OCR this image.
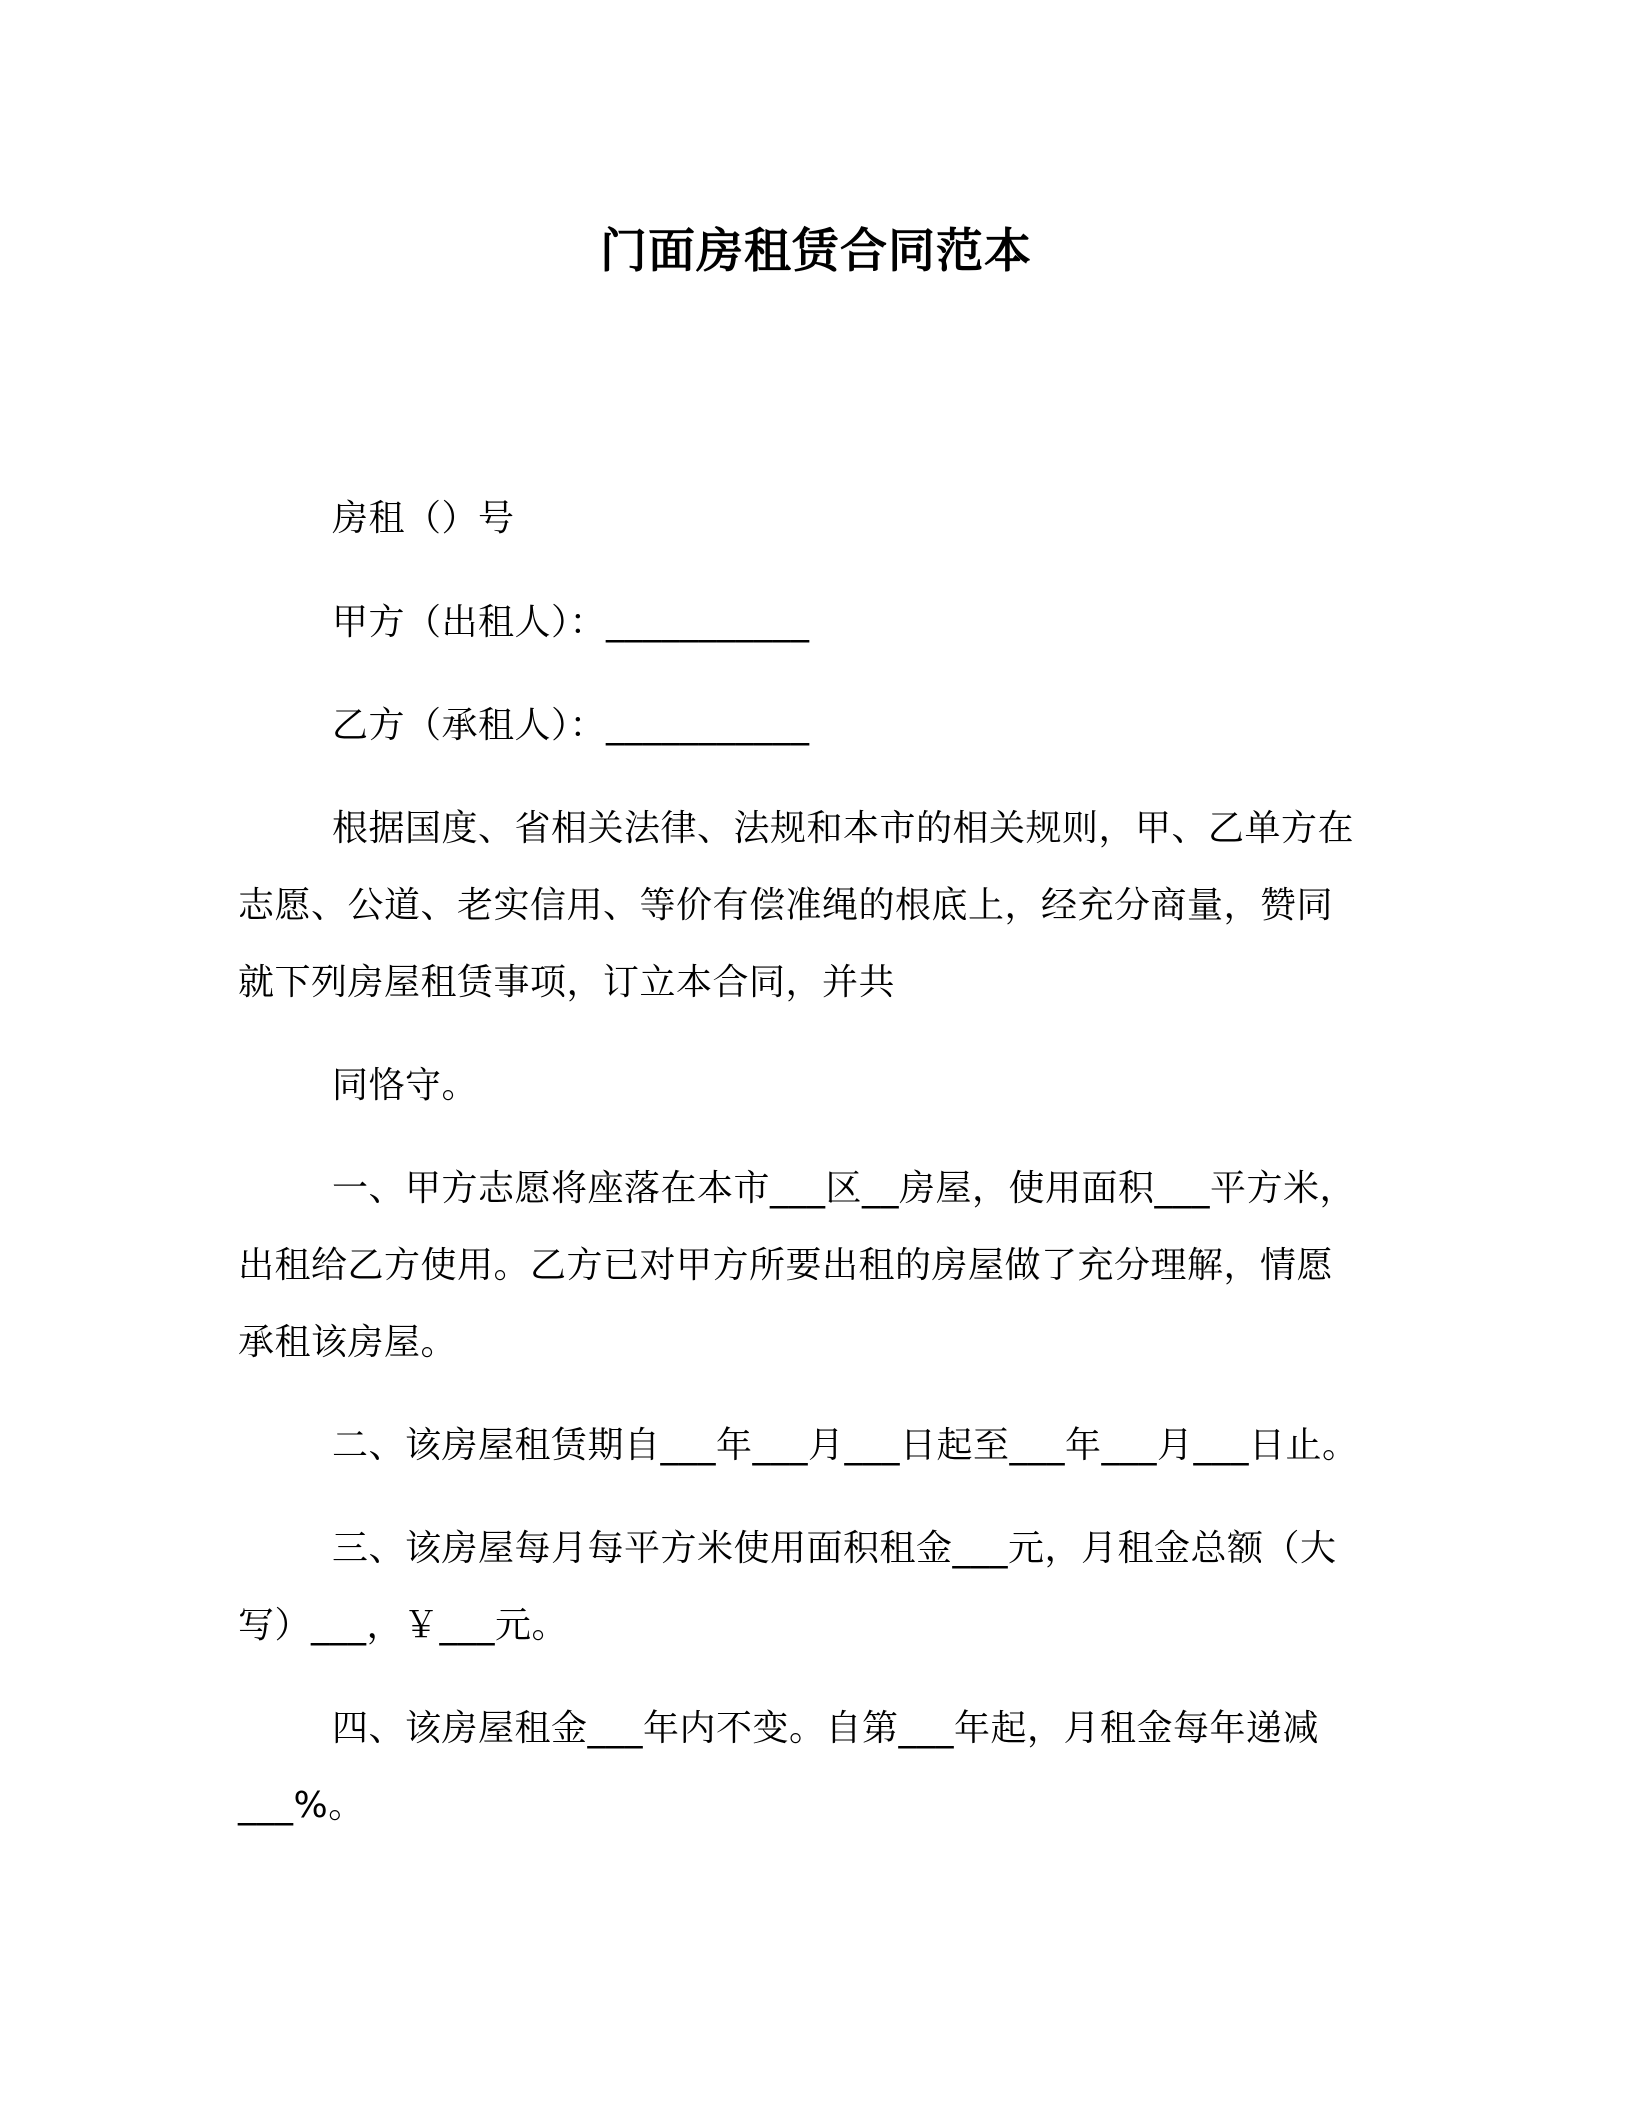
门面房租赁合同范本
房租（）号
甲方（出租人）：___________
乙方（承租人）：___________
根据国度、省相关法律、法规和本市的相关规则，甲、乙单方在
志愿、公道、老实信用、等价有偿准绳的根底上，经充分商量，赞同
就下列房屋租赁事项，订立本合同，并共
同恪守。
一、甲方志愿将座落在本市___区__房屋，使用面积___平方米，
出租给乙方使用。乙方已对甲方所要出租的房屋做了充分理解，情愿
承租该房屋。
二、该房屋租赁期自___年___月___日起至___年___月___日止。
三、该房屋每月每平方米使用面积租金___元，月租金总额（大
写）___，￥___元。
四、该房屋租金___年内不变。自第___年起，月租金每年递减
___%。
